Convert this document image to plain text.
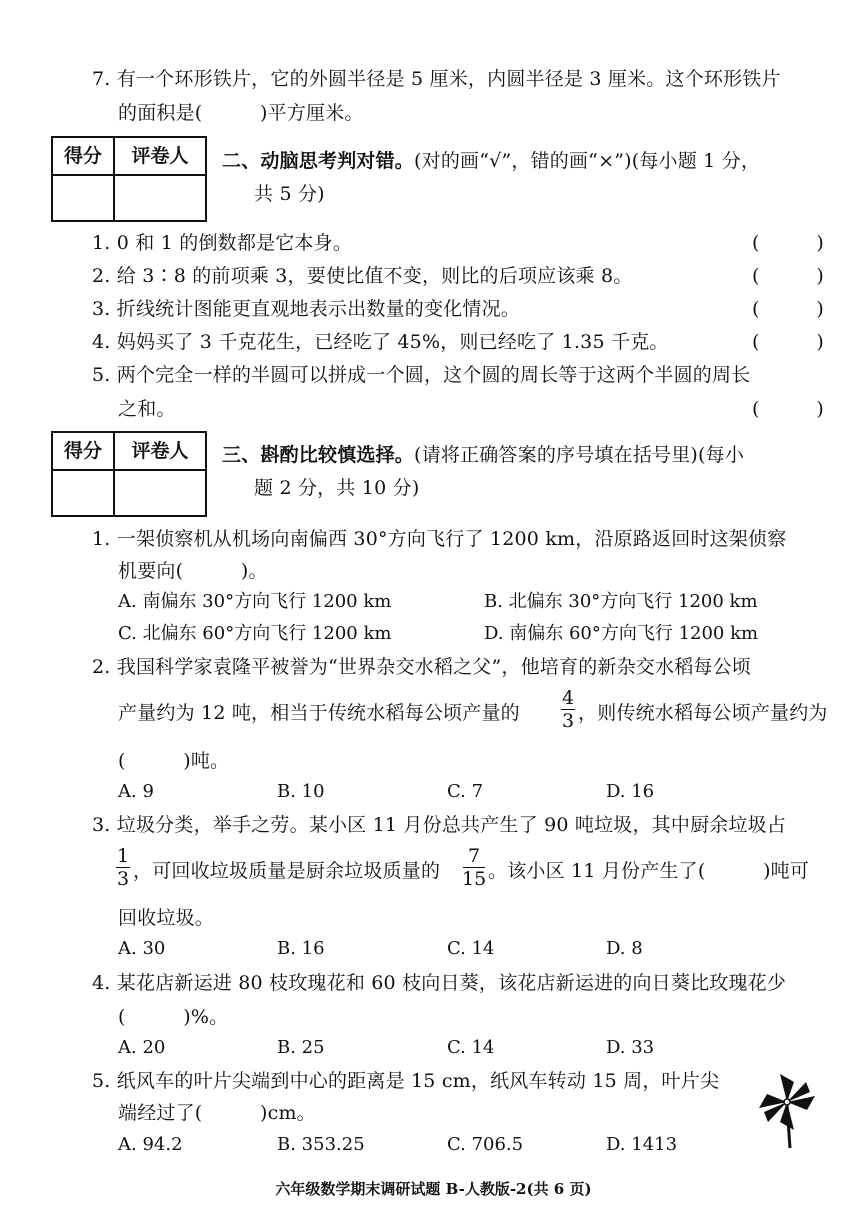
7. 有一个环形铁片，它的外圆半径是 5 厘米，内圆半径是 3 厘米。这个环形铁片
的面积是(　　　)平方厘米。
得分	评卷人	二、动脑思考判对错。(对的画“√”，错的画“×”)(每小题 1 分，
共 5 分)
1. 0 和 1 的倒数都是它本身。	(　　　)
2. 给 3∶8 的前项乘 3，要使比值不变，则比的后项应该乘 8。	(　　　)
3. 折线统计图能更直观地表示出数量的变化情况。	(　　　)
4. 妈妈买了 3 千克花生，已经吃了 45%，则已经吃了 1.35 千克。	(　　　)
5. 两个完全一样的半圆可以拼成一个圆，这个圆的周长等于这两个半圆的周长
之和。	(　　　)
得分	评卷人	三、斟酌比较慎选择。(请将正确答案的序号填在括号里)(每小
题 2 分，共 10 分)
1. 一架侦察机从机场向南偏西 30°方向飞行了 1200 km，沿原路返回时这架侦察
机要向(　　　)。
A. 南偏东 30°方向飞行 1200 km	B. 北偏东 30°方向飞行 1200 km
C. 北偏东 60°方向飞行 1200 km	D. 南偏东 60°方向飞行 1200 km
2. 我国科学家袁隆平被誉为“世界杂交水稻之父”，他培育的新杂交水稻每公顷
产量约为 12 吨，相当于传统水稻每公顷产量的
4
3 ，则传统水稻每公顷产量约为
(　　　)吨。
A. 9	B. 10	C. 7	D. 16
3. 垃圾分类，举手之劳。某小区 11 月份总共产生了 90 吨垃圾，其中厨余垃圾占
1
3 ，可回收垃圾质量是厨余垃圾质量的
7
15 。该小区 11 月份产生了(　　　)吨可
回收垃圾。
A. 30	B. 16	C. 14	D. 8
4. 某花店新运进 80 枝玫瑰花和 60 枝向日葵，该花店新运进的向日葵比玫瑰花少
(　　　)%。
A. 20	B. 25	C. 14	D. 33
5. 纸风车的叶片尖端到中心的距离是 15 cm，纸风车转动 15 周，叶片尖
端经过了(　　　)cm。
A. 94.2	B. 353.25	C. 706.5	D. 1413
六年级数学期末调研试题 B-人教版-2(共 6 页)
